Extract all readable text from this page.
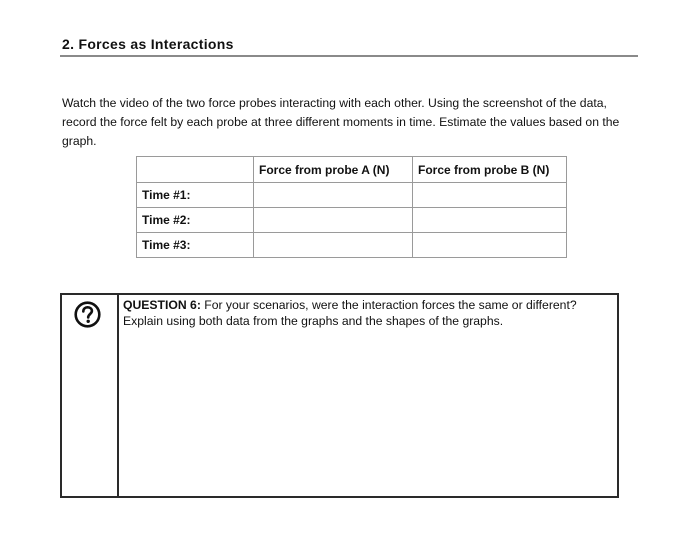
2. Forces as Interactions
Watch the video of the two force probes interacting with each other. Using the screenshot of the data, record the force felt by each probe at three different moments in time. Estimate the values based on the graph.
	Force from probe A (N)	Force from probe B (N)
Time #1:		
Time #2:		
Time #3:		
QUESTION 6: For your scenarios, were the interaction forces the same or different? Explain using both data from the graphs and the shapes of the graphs.
